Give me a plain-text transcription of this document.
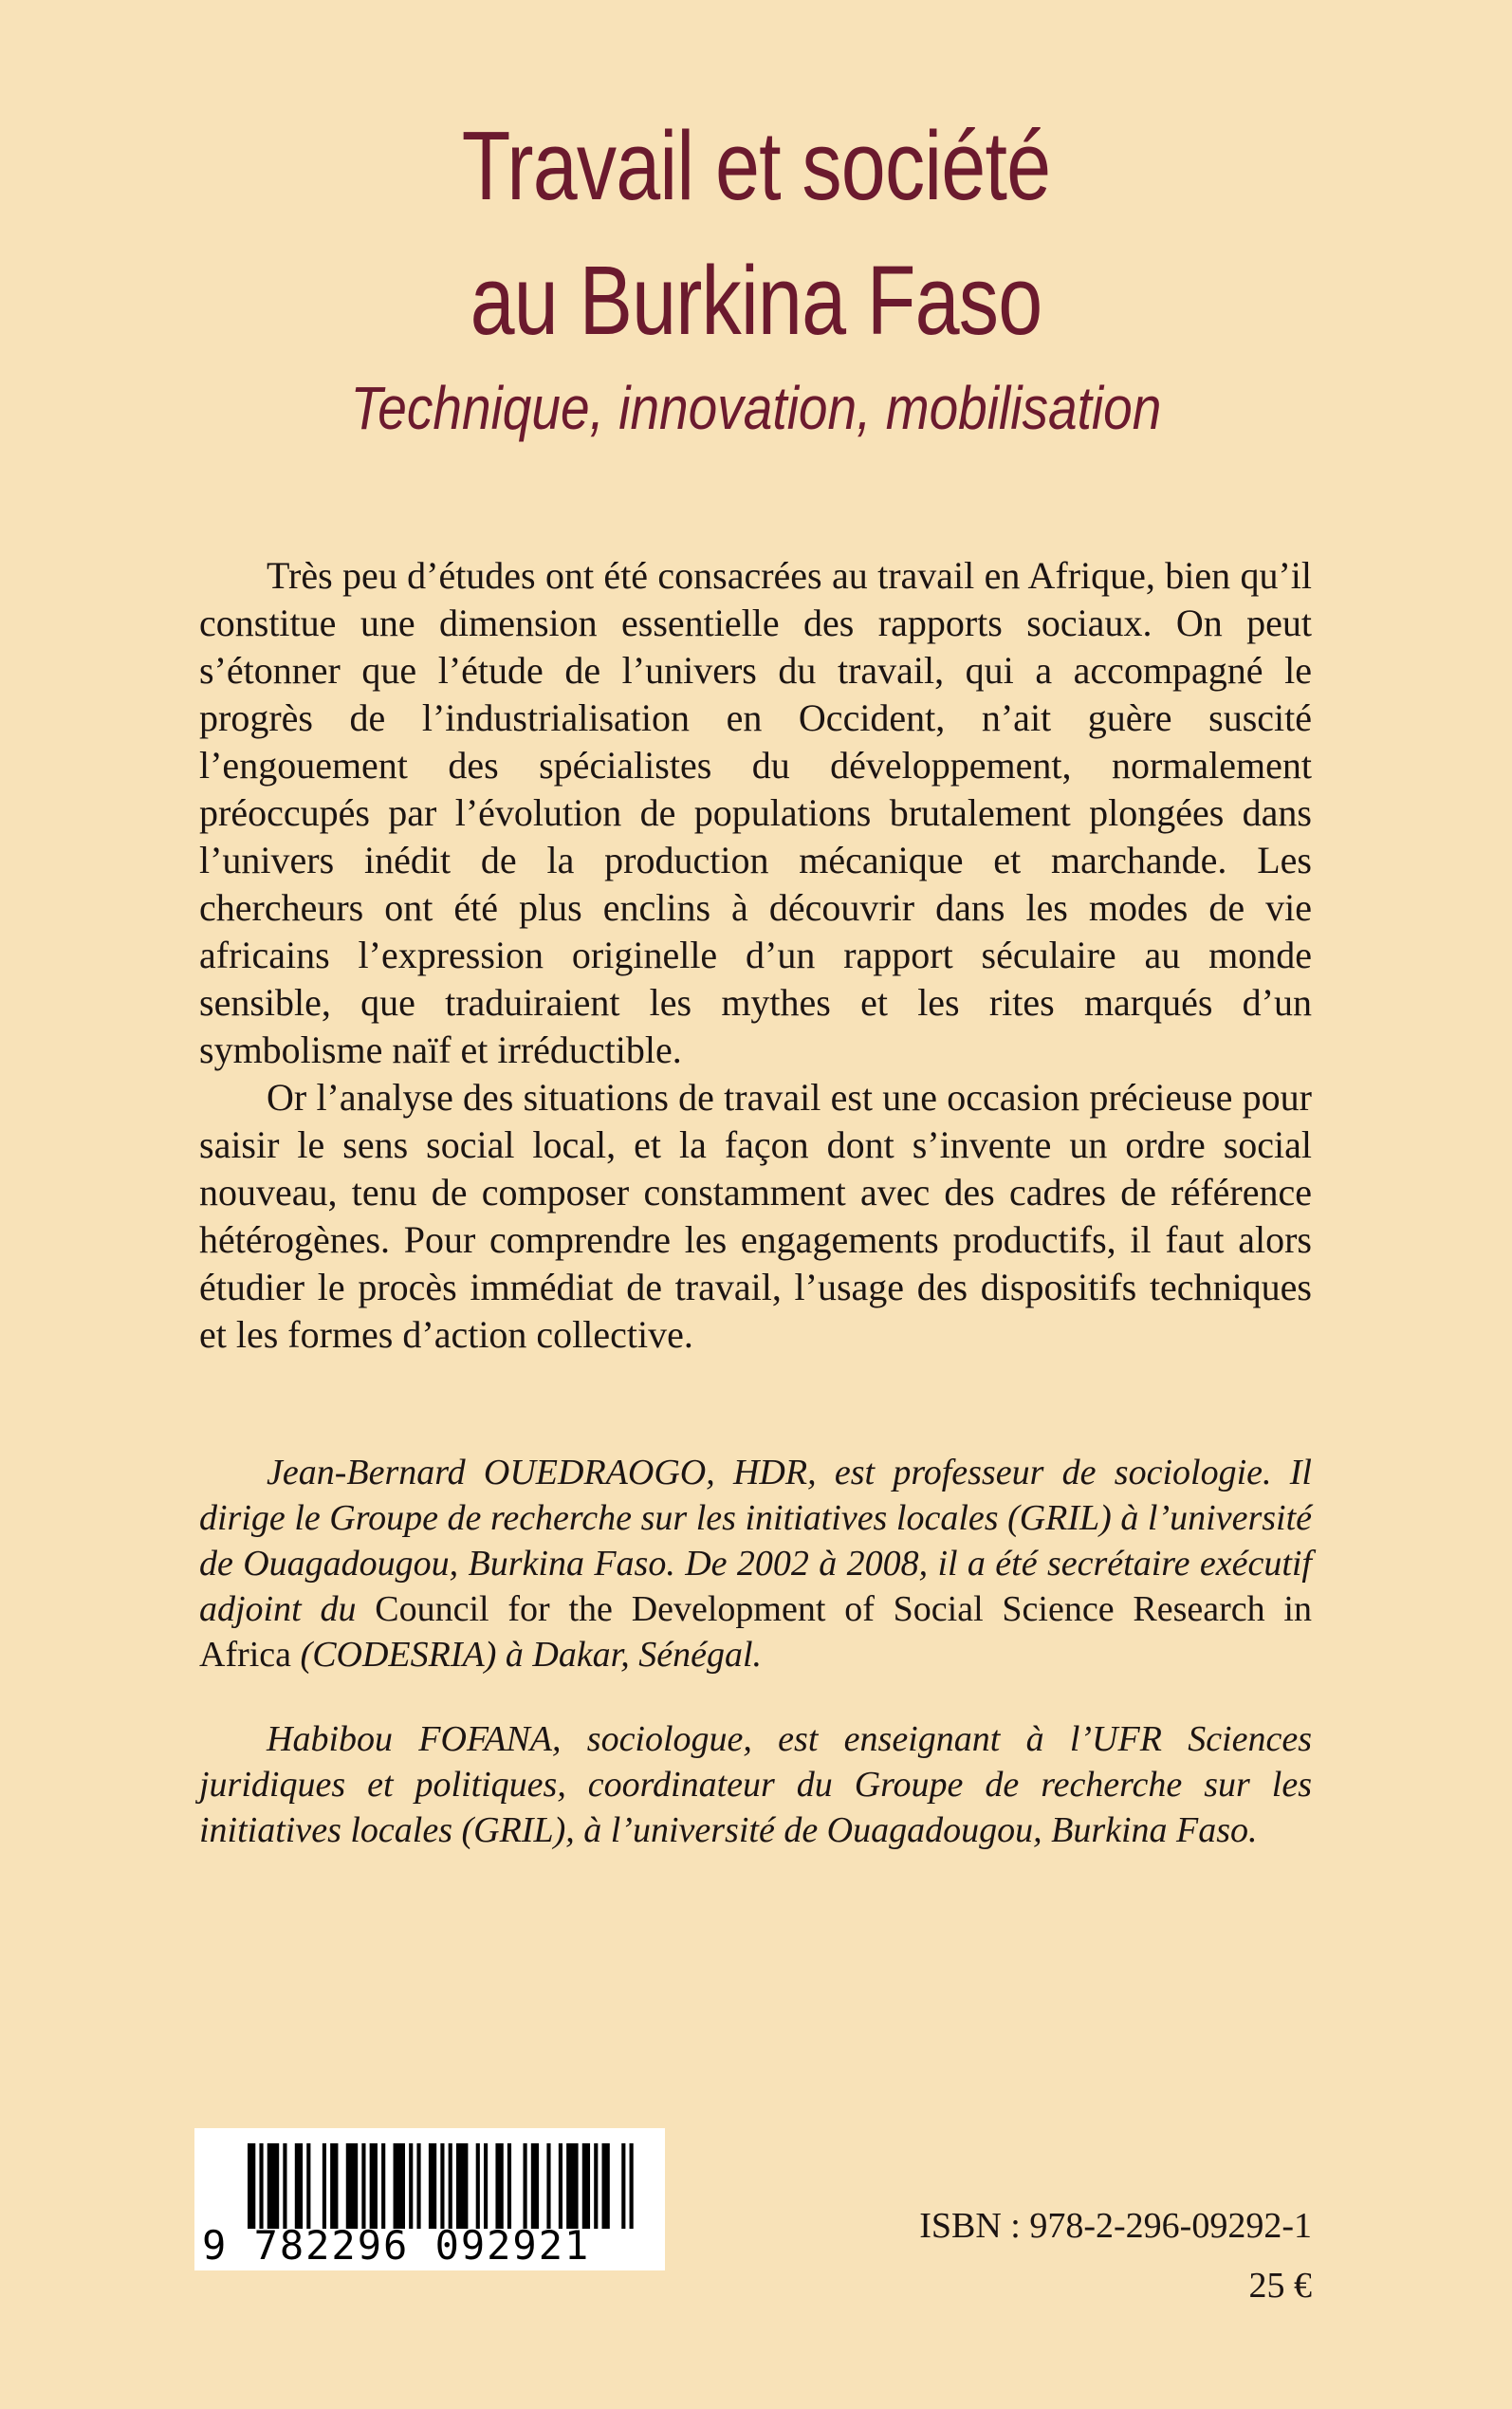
Travail et société
au Burkina Faso
Technique, innovation, mobilisation

Très peu d’études ont été consacrées au travail en Afrique, bien qu’il constitue une dimension essentielle des rapports sociaux. On peut s’étonner que l’étude de l’univers du travail, qui a accompagné le progrès de l’industrialisation en Occident, n’ait guère suscité l’engouement des spécialistes du développement, normalement préoccupés par l’évolution de populations brutalement plongées dans l’univers inédit de la production mécanique et marchande. Les chercheurs ont été plus enclins à découvrir dans les modes de vie africains l’expression originelle d’un rapport séculaire au monde sensible, que traduiraient les mythes et les rites marqués d’un symbolisme naïf et irréductible.

Or l’analyse des situations de travail est une occasion précieuse pour saisir le sens social local, et la façon dont s’invente un ordre social nouveau, tenu de composer constamment avec des cadres de référence hétérogènes. Pour comprendre les engagements productifs, il faut alors étudier le procès immédiat de travail, l’usage des dispositifs techniques et les formes d’action collective.

Jean-Bernard OUEDRAOGO, HDR, est professeur de sociologie. Il dirige le Groupe de recherche sur les initiatives locales (GRIL) à l’université de Ouagadougou, Burkina Faso. De 2002 à 2008, il a été secrétaire exécutif adjoint du Council for the Development of Social Science Research in Africa (CODESRIA) à Dakar, Sénégal.

Habibou FOFANA, sociologue, est enseignant à l’UFR Sciences juridiques et politiques, coordinateur du Groupe de recherche sur les initiatives locales (GRIL), à l’université de Ouagadougou, Burkina Faso.

9 782296 092921	ISBN : 978-2-296-09292-1
25 €
